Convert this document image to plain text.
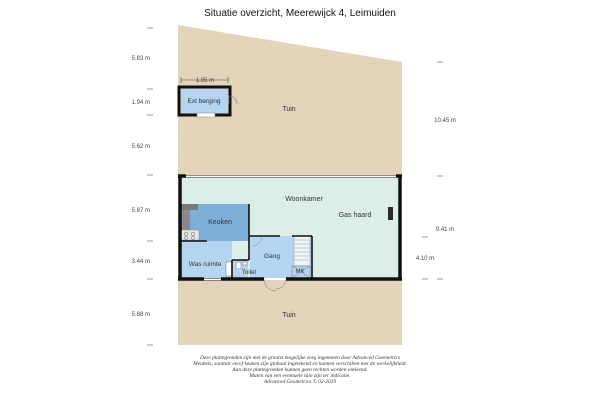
Situatie overzicht, Meerewijck 4, Leimuiden
Tuin
Ext berging
Woonkamer
Gas haard
Keuken
Gang
Was ruimte
Toilet	MK
Tuin
5.83 m
1.94 m
5.62 m
5.87 m
3.44 m
5.88 m
1.95 m
10.45 m
9.41 m
4.10 m
Deze plattegronden zijn met de grootst mogelijke zorg ingemeten door Advanced Geometrics
Meubels, sanitair en/of keuken zijn globaal ingetekend en kunnen verschillen met de werkelijkheid.
Aan deze plattegronden kunnen geen rechten worden ontleend.
Maten van een eventuele tuin zijn ter indicatie.
Advanced Geometrics © 02-2019
